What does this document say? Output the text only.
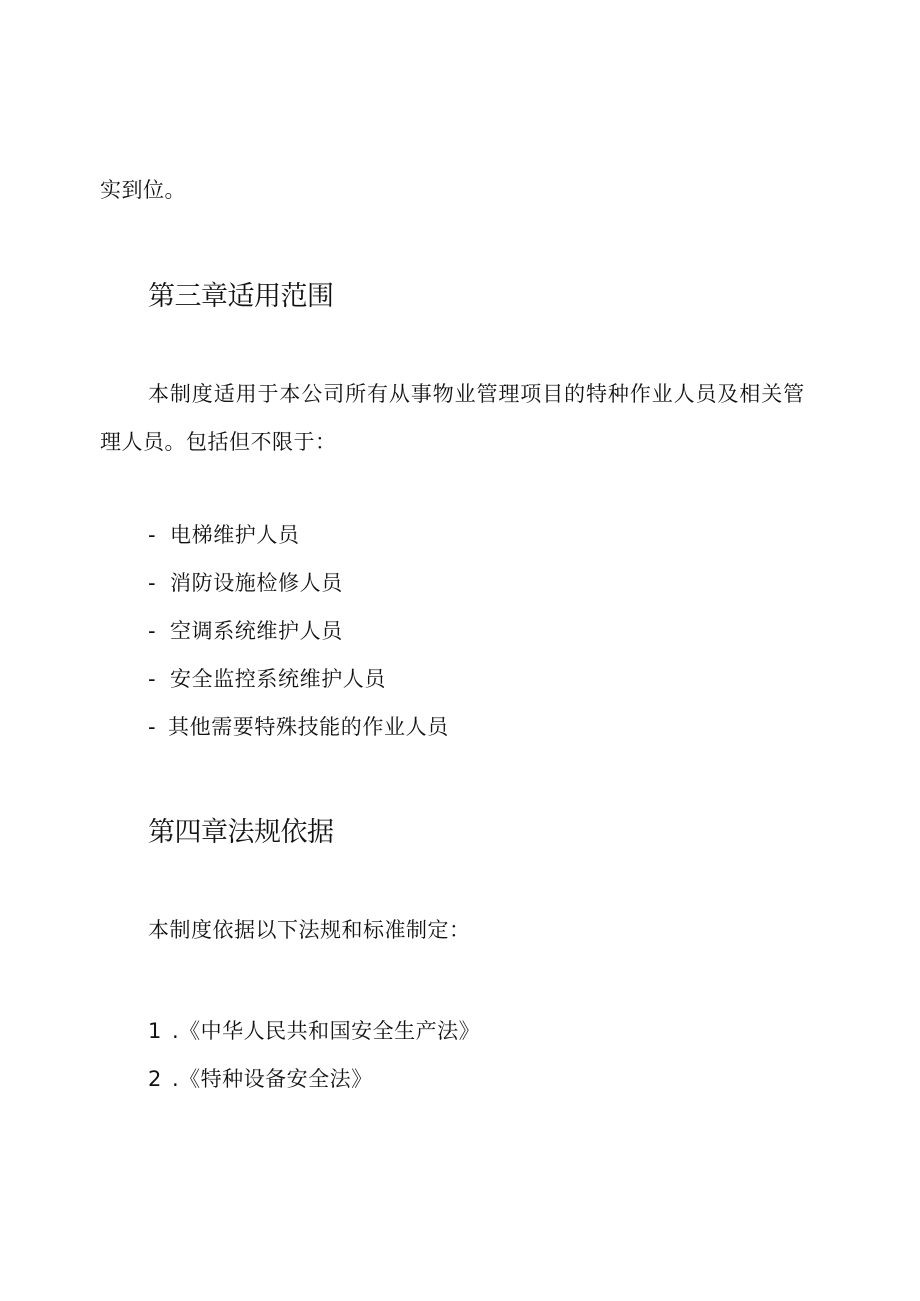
实到位。
第三章适用范围
本制度适用于本公司所有从事物业管理项目的特种作业人员及相关管
理人员。包括但不限于：
- 电梯维护人员
- 消防设施检修人员
- 空调系统维护人员
- 安全监控系统维护人员
- 其他需要特殊技能的作业人员
第四章法规依据
本制度依据以下法规和标准制定：
1 .《中华人民共和国安全生产法》
2 .《特种设备安全法》
